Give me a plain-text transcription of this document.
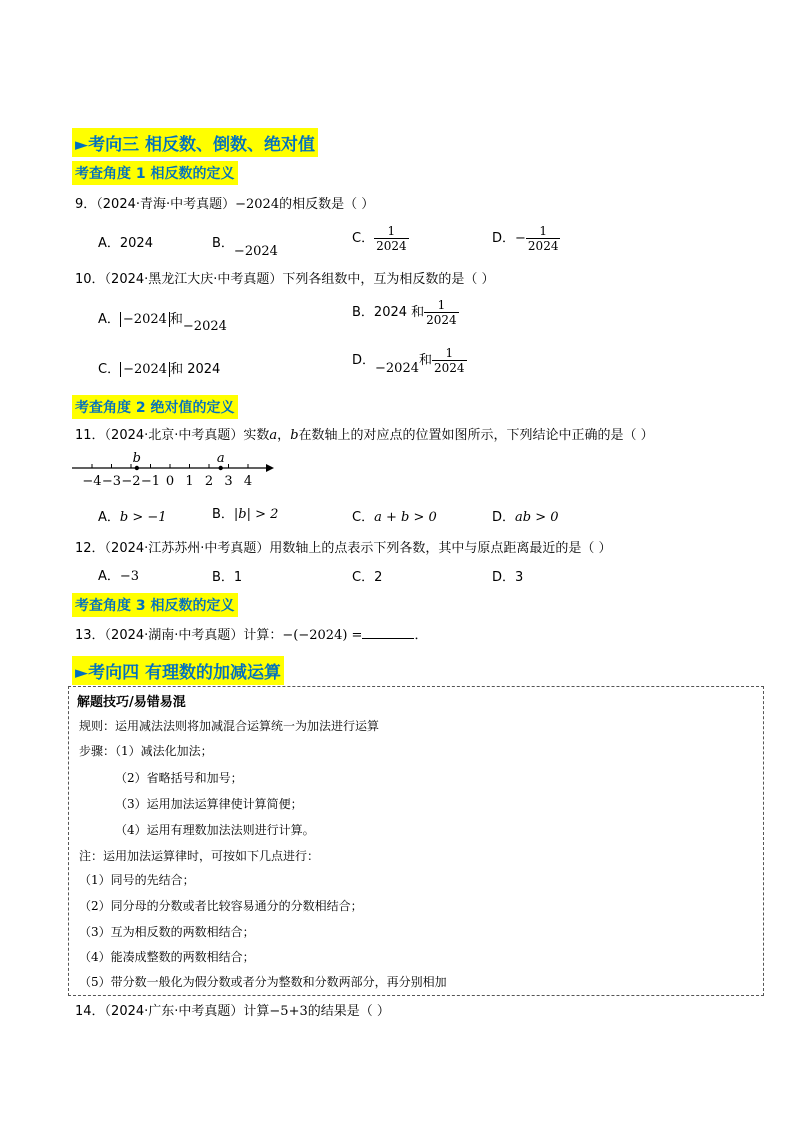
►考向三 相反数、倒数、绝对值
考查角度 1 相反数的定义
9．（2024·青海·中考真题）−2024的相反数是（ ）
A．2024	B．−2024
C． $\frac{1}{2024}$	D．− $\frac{1}{2024}$
10．（2024·黑龙江大庆·中考真题）下列各组数中，互为相反数的是（ ）
A． −2024 和−2024
B．2024 和 $\frac{1}{2024}$
C． −2024 和 2024
D．−2024和 $\frac{1}{2024}$
考查角度 2 绝对值的定义
11．（2024·北京·中考真题）实数a，b在数轴上的对应点的位置如图所示，下列结论中正确的是（ ）
−4 −3 −2 −1 0 1 2 3 4
b	a
A．b > −1	B．|b| > 2	C．a + b > 0	D．ab > 0
12．（2024·江苏苏州·中考真题）用数轴上的点表示下列各数，其中与原点距离最近的是（ ）
A．−3	B．1	C．2	D．3
考查角度 3 相反数的定义
13．（2024·湖南·中考真题）计算：−(−2024) =	．
►考向四 有理数的加减运算
解题技巧/易错易混
规则：运用减法法则将加减混合运算统一为加法进行运算
步骤：（1）减法化加法；
（2）省略括号和加号；
（3）运用加法运算律使计算简便；
（4）运用有理数加法法则进行计算。
注：运用加法运算律时，可按如下几点进行：
（1）同号的先结合；
（2）同分母的分数或者比较容易通分的分数相结合；
（3）互为相反数的两数相结合；
（4）能凑成整数的两数相结合；
（5）带分数一般化为假分数或者分为整数和分数两部分，再分别相加
14．（2024·广东·中考真题）计算−5+3的结果是（ ）
